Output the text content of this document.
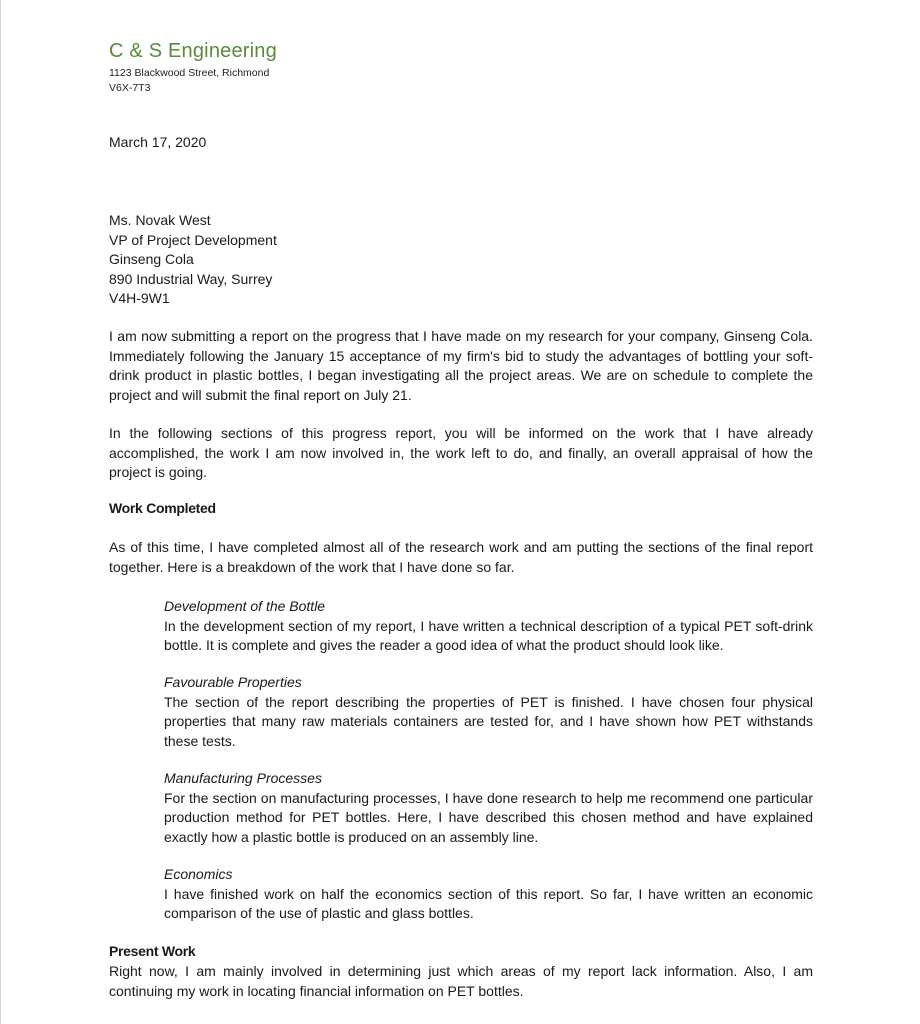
C & S Engineering
1123 Blackwood Street, Richmond
V6X-7T3
March 17, 2020
Ms. Novak West
VP of Project Development
Ginseng Cola
890 Industrial Way, Surrey
V4H-9W1

I am now submitting a report on the progress that I have made on my research for your company, Ginseng Cola. Immediately following the January 15 acceptance of my firm's bid to study the advantages of bottling your soft-drink product in plastic bottles, I began investigating all the project areas. We are on schedule to complete the project and will submit the final report on July 21.

In the following sections of this progress report, you will be informed on the work that I have already accomplished, the work I am now involved in, the work left to do, and finally, an overall appraisal of how the project is going.

Work Completed

As of this time, I have completed almost all of the research work and am putting the sections of the final report together. Here is a breakdown of the work that I have done so far.

Development of the Bottle
In the development section of my report, I have written a technical description of a typical PET soft-drink bottle. It is complete and gives the reader a good idea of what the product should look like.
Favourable Properties
The section of the report describing the properties of PET is finished. I have chosen four physical properties that many raw materials containers are tested for, and I have shown how PET withstands these tests.
Manufacturing Processes
For the section on manufacturing processes, I have done research to help me recommend one particular production method for PET bottles. Here, I have described this chosen method and have explained exactly how a plastic bottle is produced on an assembly line.
Economics
I have finished work on half the economics section of this report. So far, I have written an economic comparison of the use of plastic and glass bottles.
Present Work

Right now, I am mainly involved in determining just which areas of my report lack information. Also, I am continuing my work in locating financial information on PET bottles.
